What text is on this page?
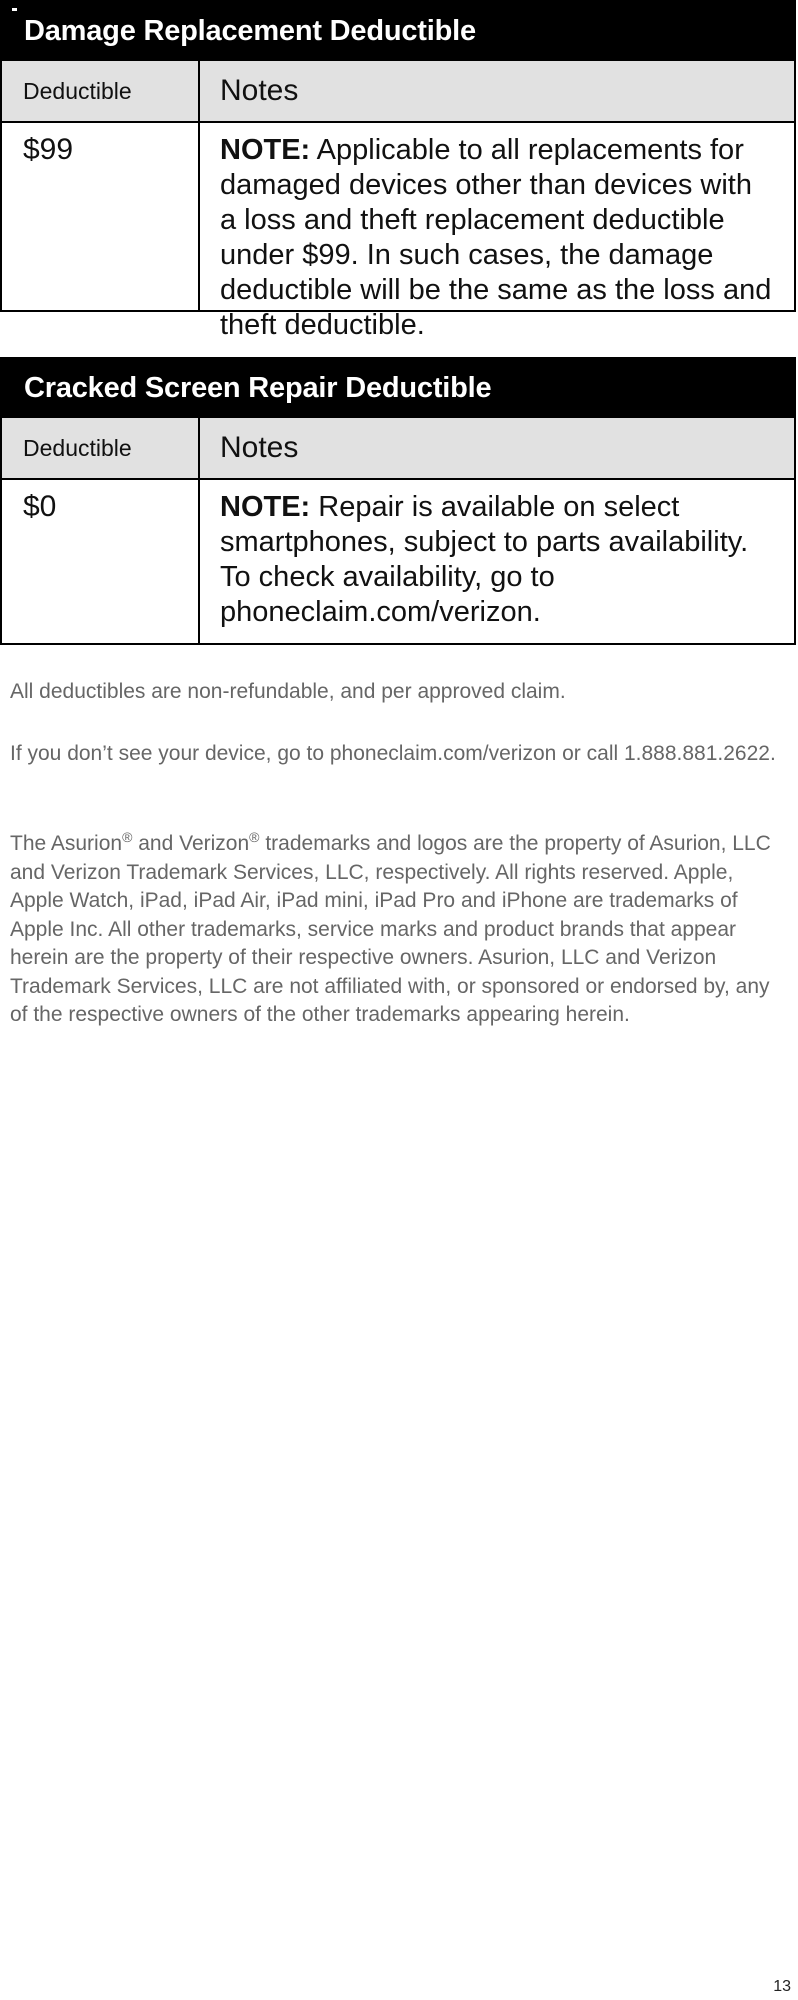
Damage Replacement Deductible
Deductible	Notes
$99	NOTE: Applicable to all replacements for damaged devices other than devices with a loss and theft replacement deductible under $99. In such cases, the damage deductible will be the same as the loss and theft deductible.
Cracked Screen Repair Deductible
Deductible	Notes
$0	NOTE: Repair is available on select smartphones, subject to parts availability. To check availability, go to phoneclaim.com/verizon.

All deductibles are non-refundable, and per approved claim.

If you don’t see your device, go to phoneclaim.com/verizon or call 1.888.881.2622.

The Asurion® and Verizon® trademarks and logos are the property of Asurion, LLC and Verizon Trademark Services, LLC, respectively. All rights reserved. Apple, Apple Watch, iPad, iPad Air, iPad mini, iPad Pro and iPhone are trademarks of Apple Inc. All other trademarks, service marks and product brands that appear herein are the property of their respective owners. Asurion, LLC and Verizon Trademark Services, LLC are not affiliated with, or sponsored or endorsed by, any of the respective owners of the other trademarks appearing herein.

13
